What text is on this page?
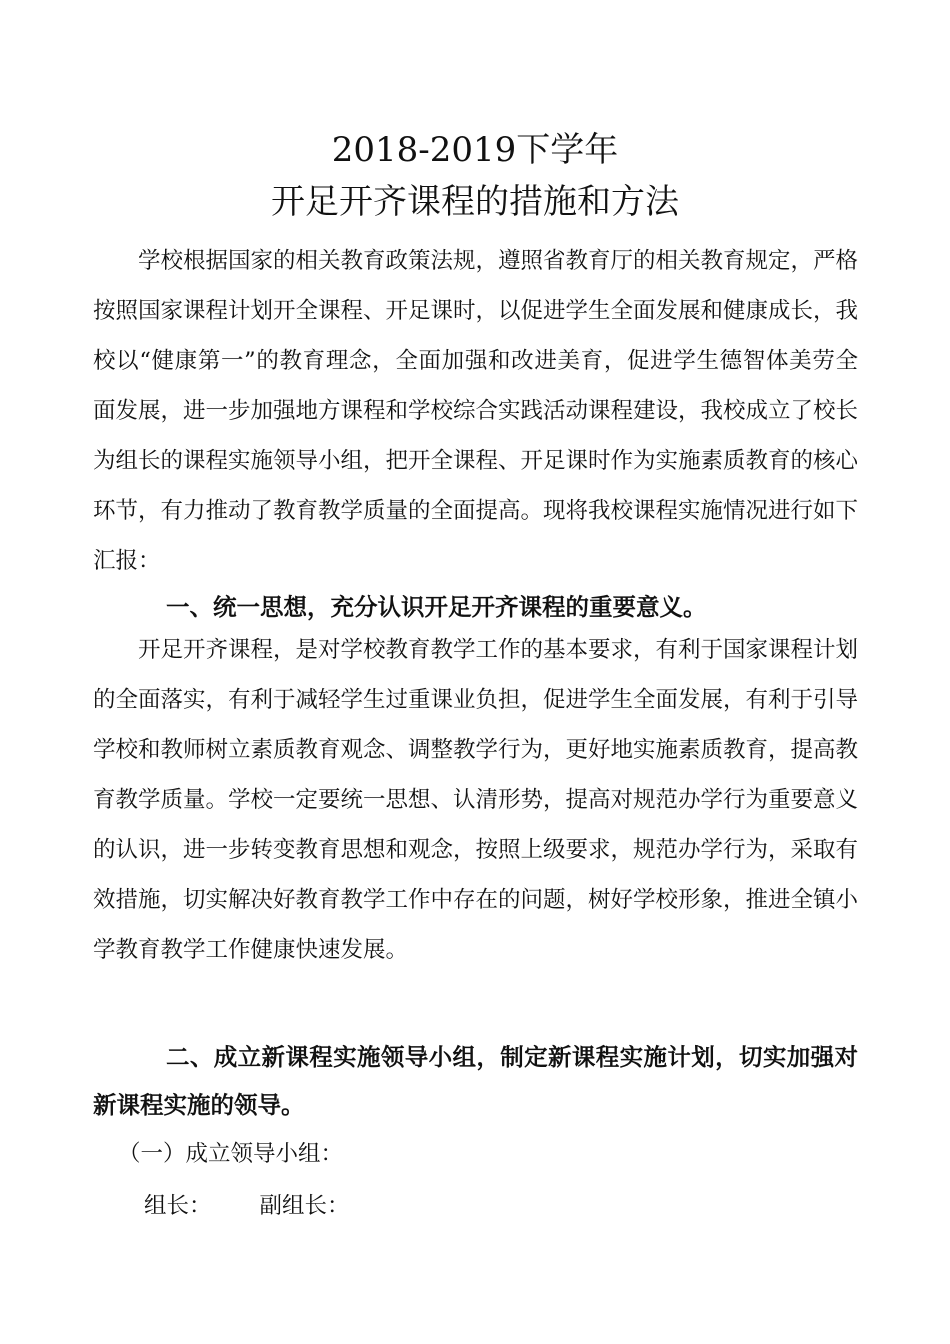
2018-2019下学年
开足开齐课程的措施和方法

学校根据国家的相关教育政策法规，遵照省教育厅的相关教育规定，严格按照国家课程计划开全课程、开足课时，以促进学生全面发展和健康成长，我校以“健康第一”的教育理念，全面加强和改进美育，促进学生德智体美劳全面发展，进一步加强地方课程和学校综合实践活动课程建设，我校成立了校长为组长的课程实施领导小组，把开全课程、开足课时作为实施素质教育的核心环节，有力推动了教育教学质量的全面提高。现将我校课程实施情况进行如下汇报：

一、统一思想，充分认识开足开齐课程的重要意义。

开足开齐课程，是对学校教育教学工作的基本要求，有利于国家课程计划的全面落实，有利于减轻学生过重课业负担，促进学生全面发展，有利于引导学校和教师树立素质教育观念、调整教学行为，更好地实施素质教育，提高教育教学质量。学校一定要统一思想、认清形势，提高对规范办学行为重要意义的认识，进一步转变教育思想和观念，按照上级要求，规范办学行为，采取有效措施，切实解决好教育教学工作中存在的问题，树好学校形象，推进全镇小学教育教学工作健康快速发展。

二、成立新课程实施领导小组，制定新课程实施计划，切实加强对新课程实施的领导。

（一）成立领导小组：

组长： 副组长：
